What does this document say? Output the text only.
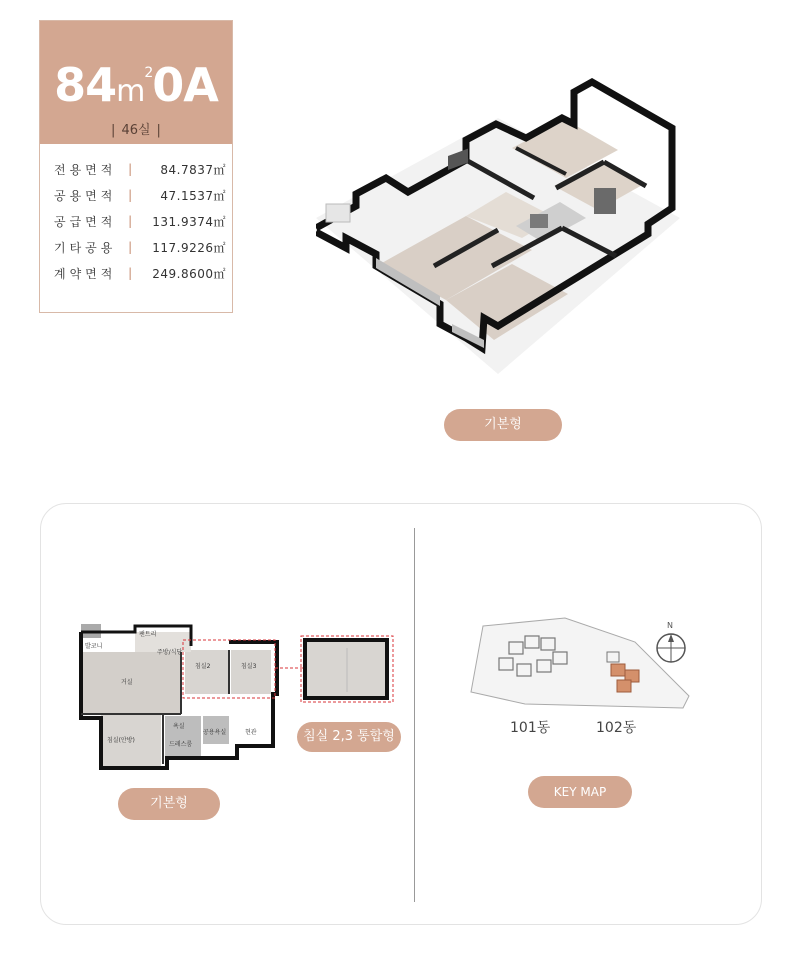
$84m^20A$
| 46실 |
전용면적 |	84.7837㎡
공용면적 |	47.1537㎡
공급면적 |	131.9374㎡
기타공용 |	117.9226㎡
계약면적 |	249.8600㎡
기본형
발코니
팬트리
주방/식당
침실2	침실3
거실
침실(안방)
드레스룸
욕실
공용욕실	현관	침실 2,3 통합형
기본형
N
101동	102동
KEY MAP
